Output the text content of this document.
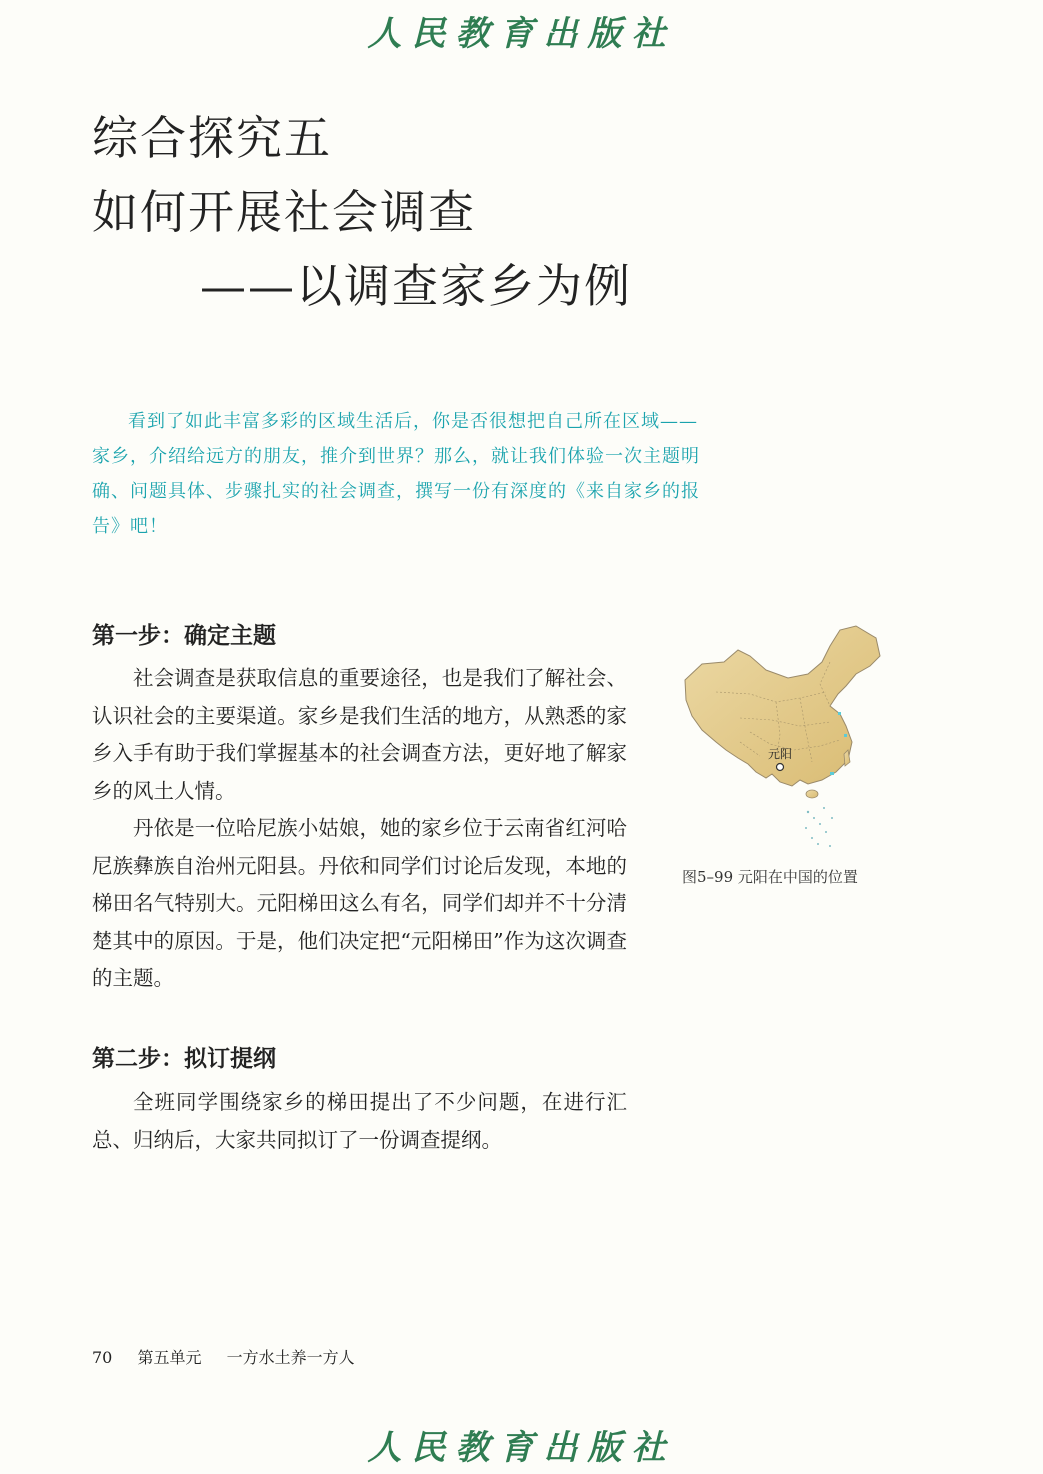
人民教育出版社
综合探究五
如何开展社会调查
——以调查家乡为例

看到了如此丰富多彩的区域生活后，你是否很想把自己所在区域—— 家乡，介绍给远方的朋友，推介到世界？那么，就让我们体验一次主题明确、问题具体、步骤扎实的社会调查，撰写一份有深度的《来自家乡的报告》吧！

第一步：确定主题

社会调查是获取信息的重要途径，也是我们了解社会、认识社会的主要渠道。家乡是我们生活的地方，从熟悉的家乡入手有助于我们掌握基本的社会调查方法，更好地了解家乡的风土人情。

丹依是一位哈尼族小姑娘，她的家乡位于云南省红河哈尼族彝族自治州元阳县。丹依和同学们讨论后发现，本地的梯田名气特别大。元阳梯田这么有名，同学们却并不十分清楚其中的原因。于是，他们决定把“元阳梯田”作为这次调查的主题。

元阳
图5–99 元阳在中国的位置
第二步：拟订提纲

全班同学围绕家乡的梯田提出了不少问题，在进行汇总、归纳后，大家共同拟订了一份调查提纲。

70 第五单元 一方水土养一方人
人民教育出版社
